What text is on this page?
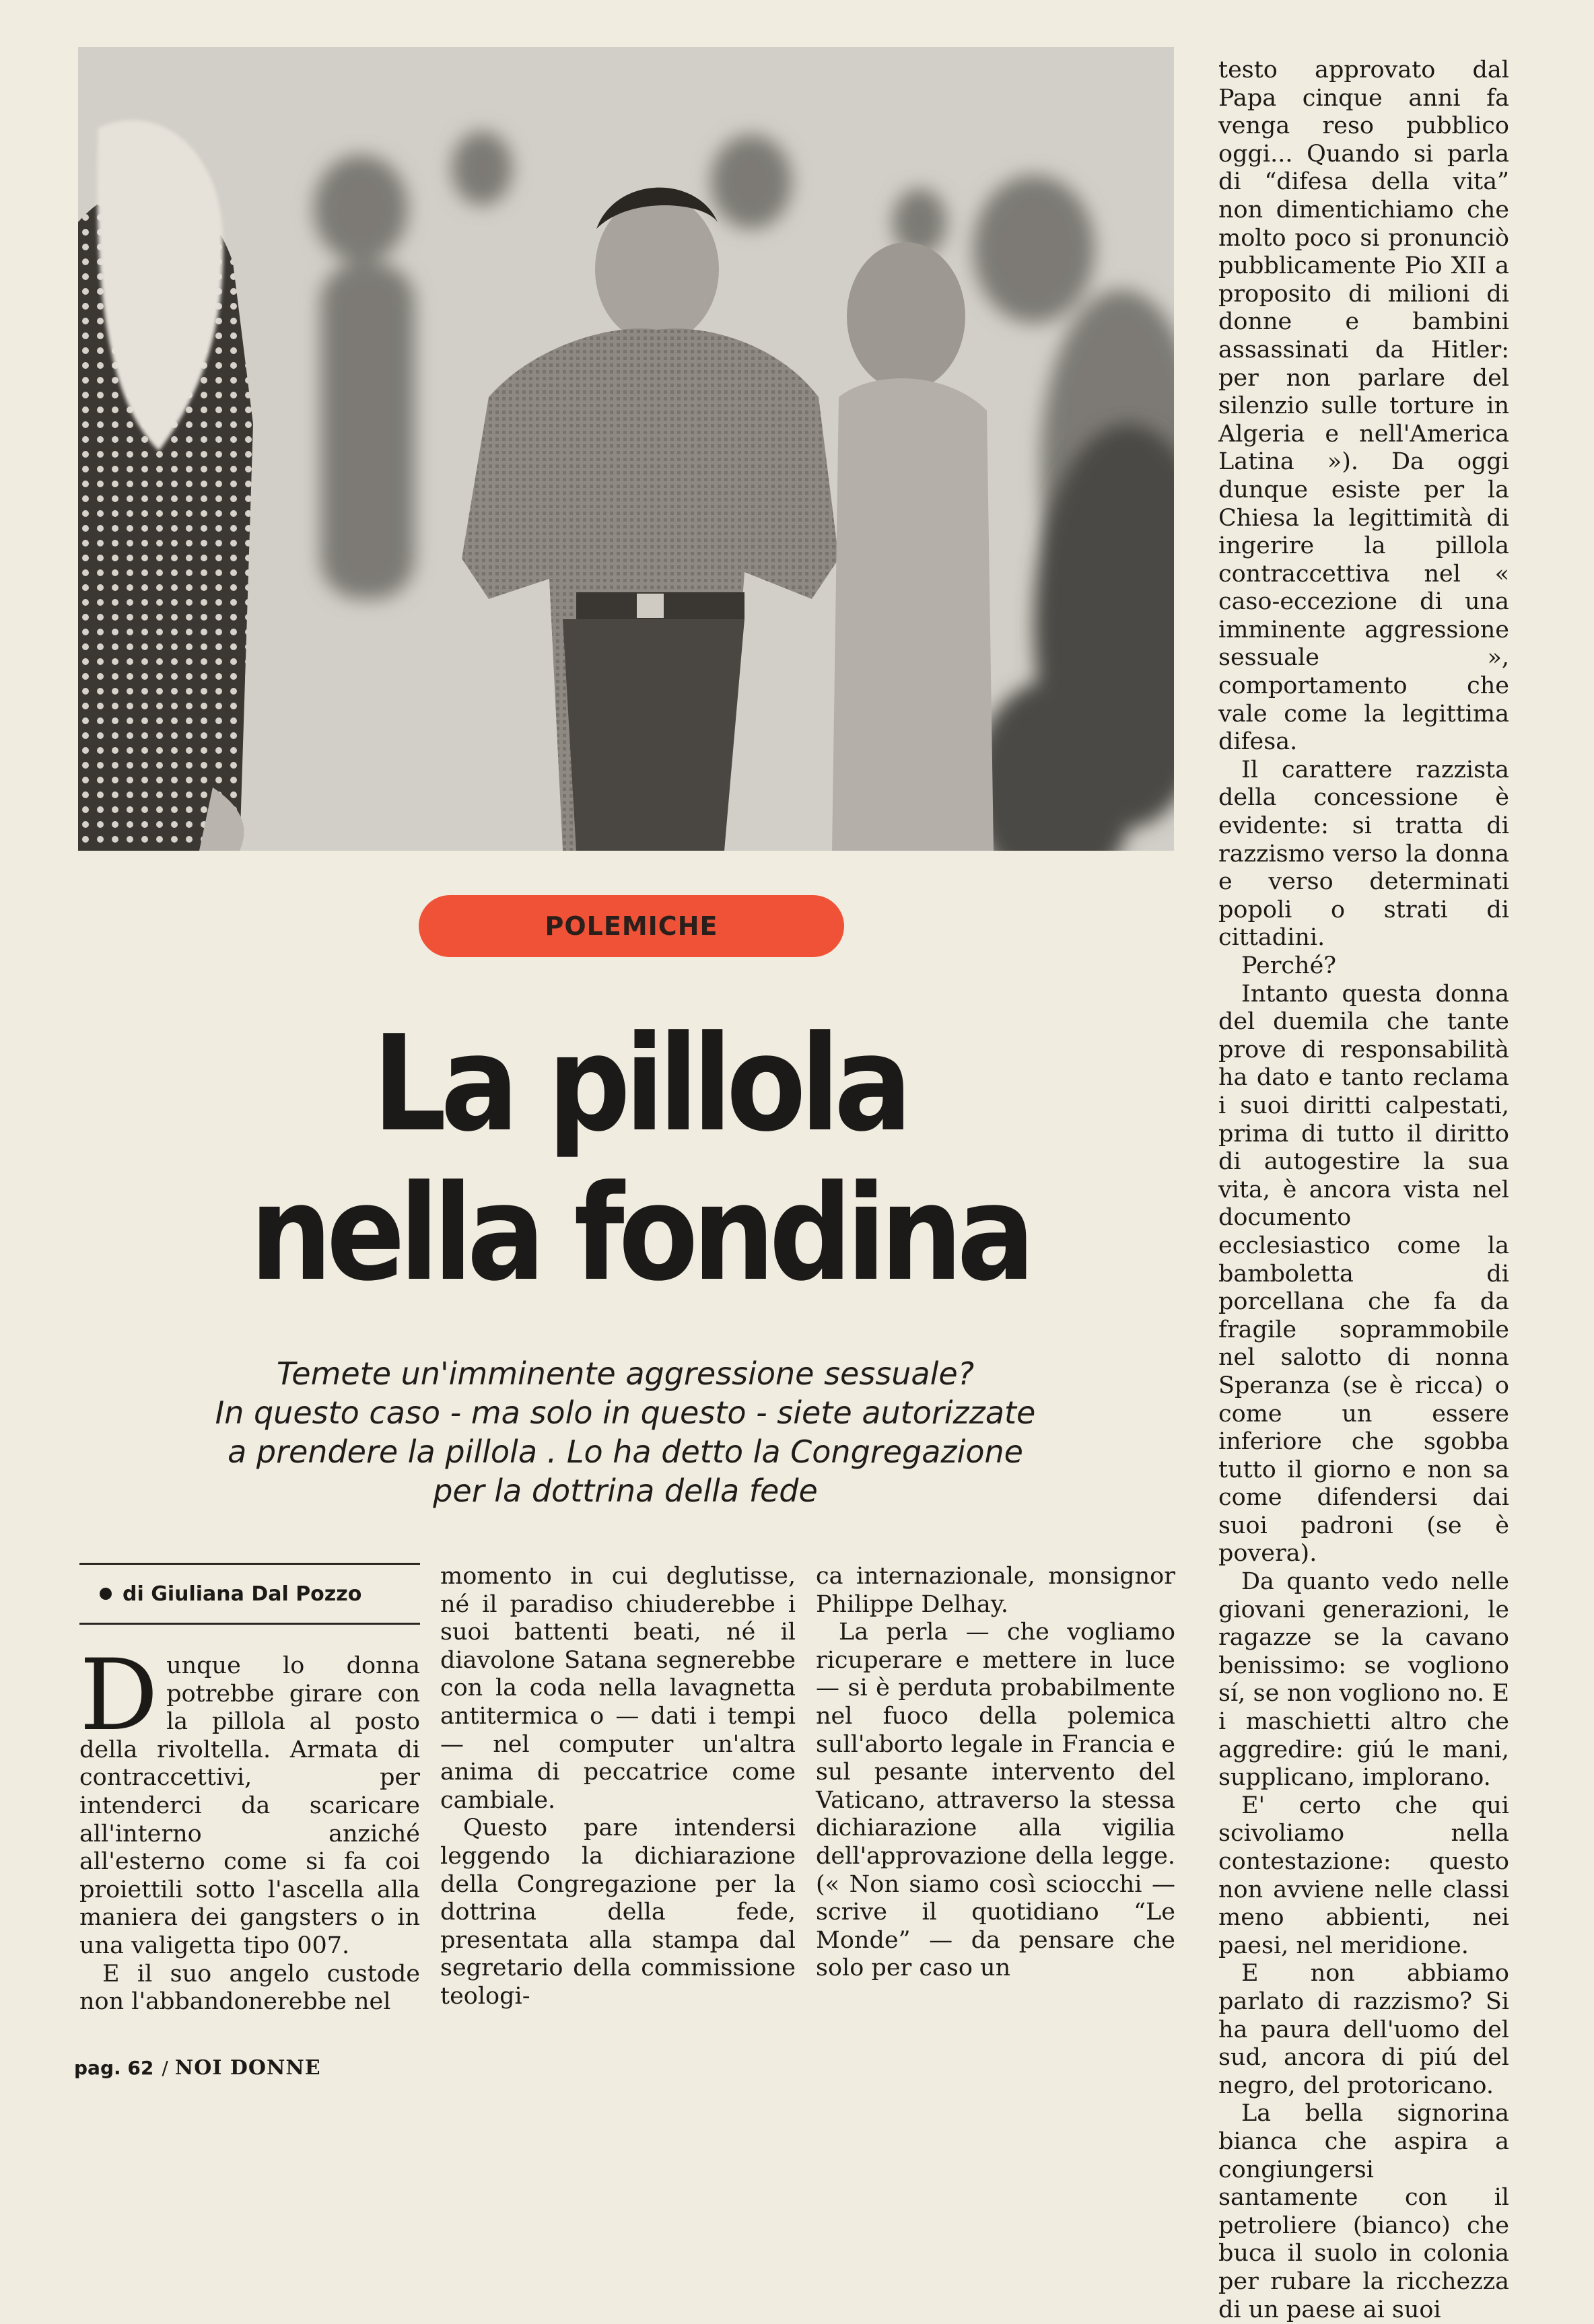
POLEMICHE
La pillola
nella fondina
Temete un'imminente aggressione sessuale?
In questo caso - ma solo in questo - siete autorizzate
a prendere la pillola . Lo ha detto la Congregazione
per la dottrina della fede
di Giuliana Dal Pozzo

Dunque lo donna potrebbe girare con la pillola al posto della rivoltella. Armata di contraccettivi, per intenderci da scaricare all'interno anziché all'esterno come si fa coi proiettili sotto l'ascella alla maniera dei gangsters o in una valigetta tipo 007.

E il suo angelo custode non l'abbandonerebbe nel

momento in cui deglutisse, né il paradiso chiuderebbe i suoi battenti beati, né il diavolone Satana segnerebbe con la coda nella lavagnetta antitermica o — dati i tempi — nel computer un'altra anima di peccatrice come cambiale.

Questo pare intendersi leggendo la dichiarazione della Congregazione per la dottrina della fede, presentata alla stampa dal segretario della commissione teologi-

ca internazionale, monsignor Philippe Delhay.

La perla — che vogliamo ricuperare e mettere in luce — si è perduta probabilmente nel fuoco della polemica sull'aborto legale in Francia e sul pesante intervento del Vaticano, attraverso la stessa dichiarazione alla vigilia dell'approvazione della legge. (« Non siamo così sciocchi — scrive il quotidiano “Le Monde” — da pensare che solo per caso un

testo approvato dal Papa cinque anni fa venga reso pubblico oggi... Quando si parla di “difesa della vita” non dimentichiamo che molto poco si pronunciò pubblicamente Pio XII a proposito di milioni di donne e bambini assassinati da Hitler: per non parlare del silenzio sulle torture in Algeria e nell'America Latina »). Da oggi dunque esiste per la Chiesa la legittimità di ingerire la pillola contraccettiva nel « caso-eccezione di una imminente aggressione sessuale », comportamento che vale come la legittima difesa.

Il carattere razzista della concessione è evidente: si tratta di razzismo verso la donna e verso determinati popoli o strati di cittadini.

Perché?

Intanto questa donna del duemila che tante prove di responsabilità ha dato e tanto reclama i suoi diritti calpestati, prima di tutto il diritto di autogestire la sua vita, è ancora vista nel documento ecclesiastico come la bamboletta di porcellana che fa da fragile soprammobile nel salotto di nonna Speranza (se è ricca) o come un essere inferiore che sgobba tutto il giorno e non sa come difendersi dai suoi padroni (se è povera).

Da quanto vedo nelle giovani generazioni, le ragazze se la cavano benissimo: se vogliono sí, se non vogliono no. E i maschietti altro che aggredire: giú le mani, supplicano, implorano.

E' certo che qui scivoliamo nella contestazione: questo non avviene nelle classi meno abbienti, nei paesi, nel meridione.

E non abbiamo parlato di razzismo? Si ha paura dell'uomo del sud, ancora di piú del negro, del protoricano.

La bella signorina bianca che aspira a congiungersi santamente con il petroliere (bianco) che buca il suolo in colonia per rubare la ricchezza di un paese ai suoi

pag. 62 / NOI DONNE
